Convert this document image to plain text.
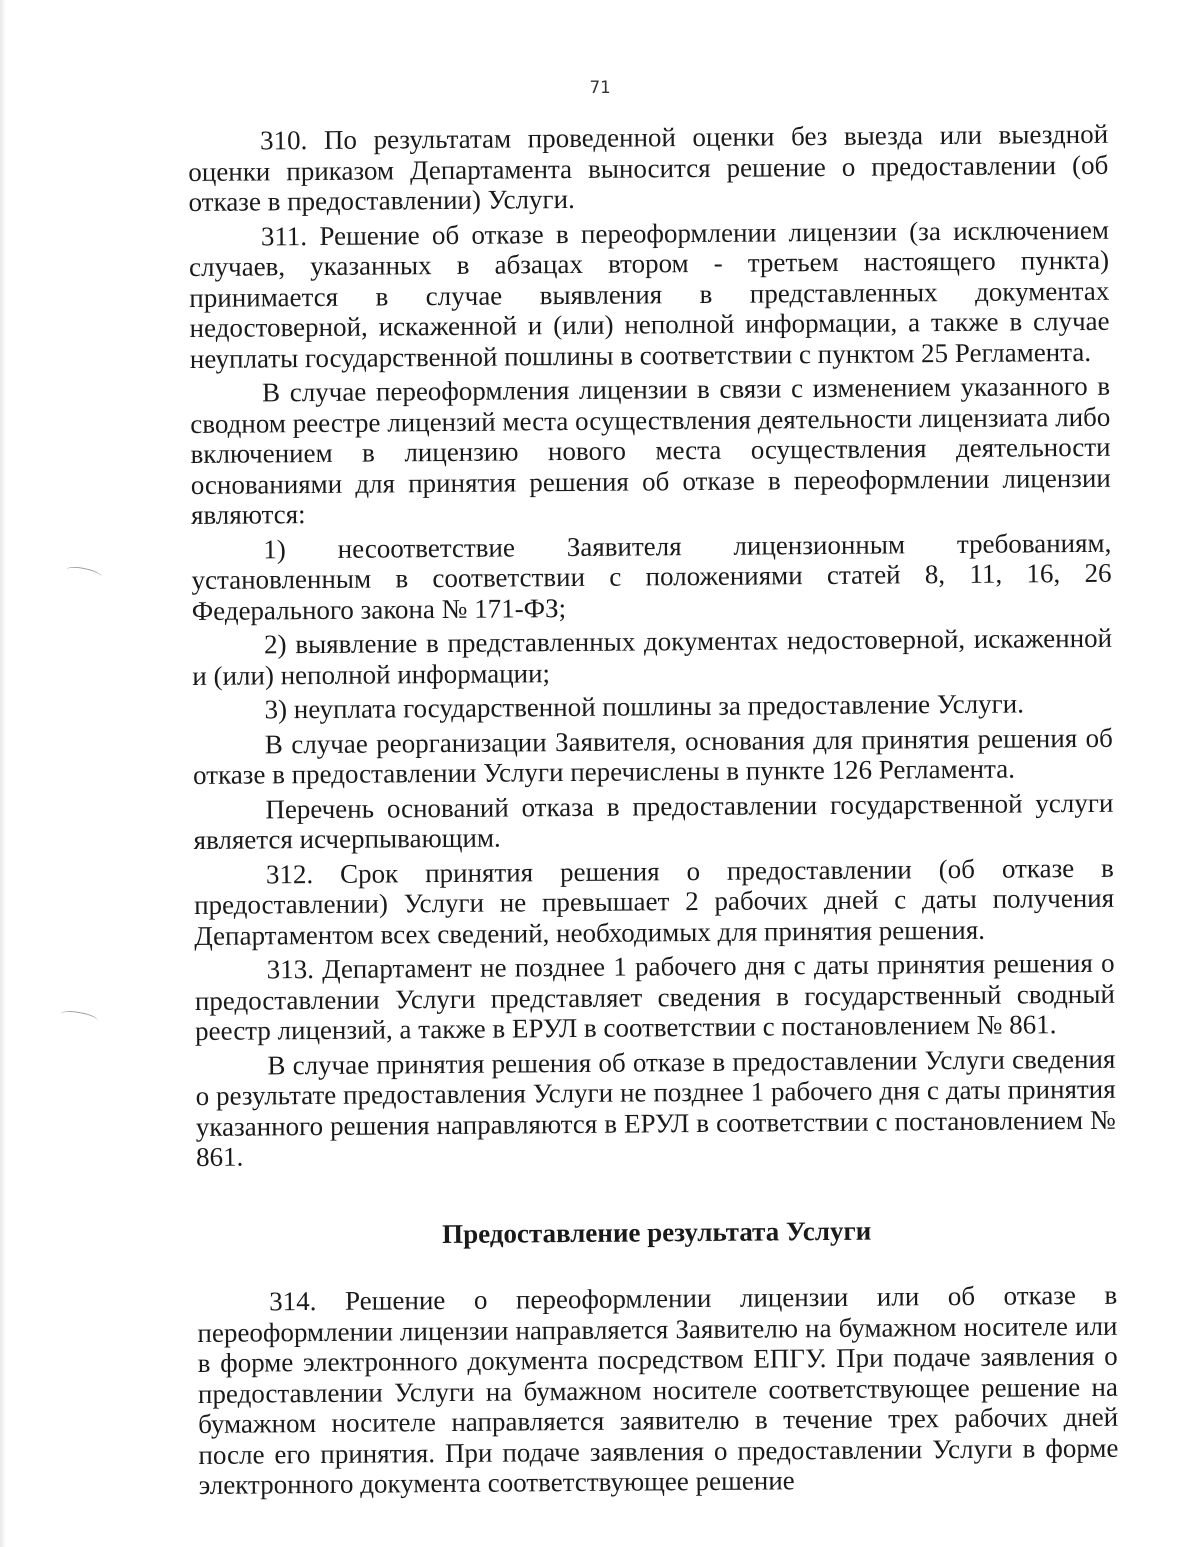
71

310. По результатам проведенной оценки без выезда или выездной оценки приказом Департамента выносится решение о предоставлении (об отказе в предоставлении) Услуги.

311. Решение об отказе в переоформлении лицензии (за исключением случаев, указанных в абзацах втором - третьем настоящего пункта) принимается в случае выявления в представленных документах недостоверной, искаженной и (или) неполной информации, а также в случае неуплаты государственной пошлины в соответствии с пунктом 25 Регламента.

В случае переоформления лицензии в связи с изменением указанного в сводном реестре лицензий места осуществления деятельности лицензиата либо включением в лицензию нового места осуществления деятельности основаниями для принятия решения об отказе в переоформлении лицензии являются:

1) несоответствие Заявителя лицензионным требованиям, установленным в соответствии с положениями статей 8, 11, 16, 26 Федерального закона № 171-ФЗ;

2) выявление в представленных документах недостоверной, искаженной и (или) неполной информации;

3) неуплата государственной пошлины за предоставление Услуги.

В случае реорганизации Заявителя, основания для принятия решения об отказе в предоставлении Услуги перечислены в пункте 126 Регламента.

Перечень оснований отказа в предоставлении государственной услуги является исчерпывающим.

312. Срок принятия решения о предоставлении (об отказе в предоставлении) Услуги не превышает 2 рабочих дней с даты получения Департаментом всех сведений, необходимых для принятия решения.

313. Департамент не позднее 1 рабочего дня с даты принятия решения о предоставлении Услуги представляет сведения в государственный сводный реестр лицензий, а также в ЕРУЛ в соответствии с постановлением № 861.

В случае принятия решения об отказе в предоставлении Услуги сведения о результате предоставления Услуги не позднее 1 рабочего дня с даты принятия указанного решения направляются в ЕРУЛ в соответствии с постановлением № 861.

Предоставление результата Услуги

314. Решение о переоформлении лицензии или об отказе в переоформлении лицензии направляется Заявителю на бумажном носителе или в форме электронного документа посредством ЕПГУ. При подаче заявления о предоставлении Услуги на бумажном носителе соответствующее решение на бумажном носителе направляется заявителю в течение трех рабочих дней после его принятия. При подаче заявления о предоставлении Услуги в форме электронного документа соответствующее решение
